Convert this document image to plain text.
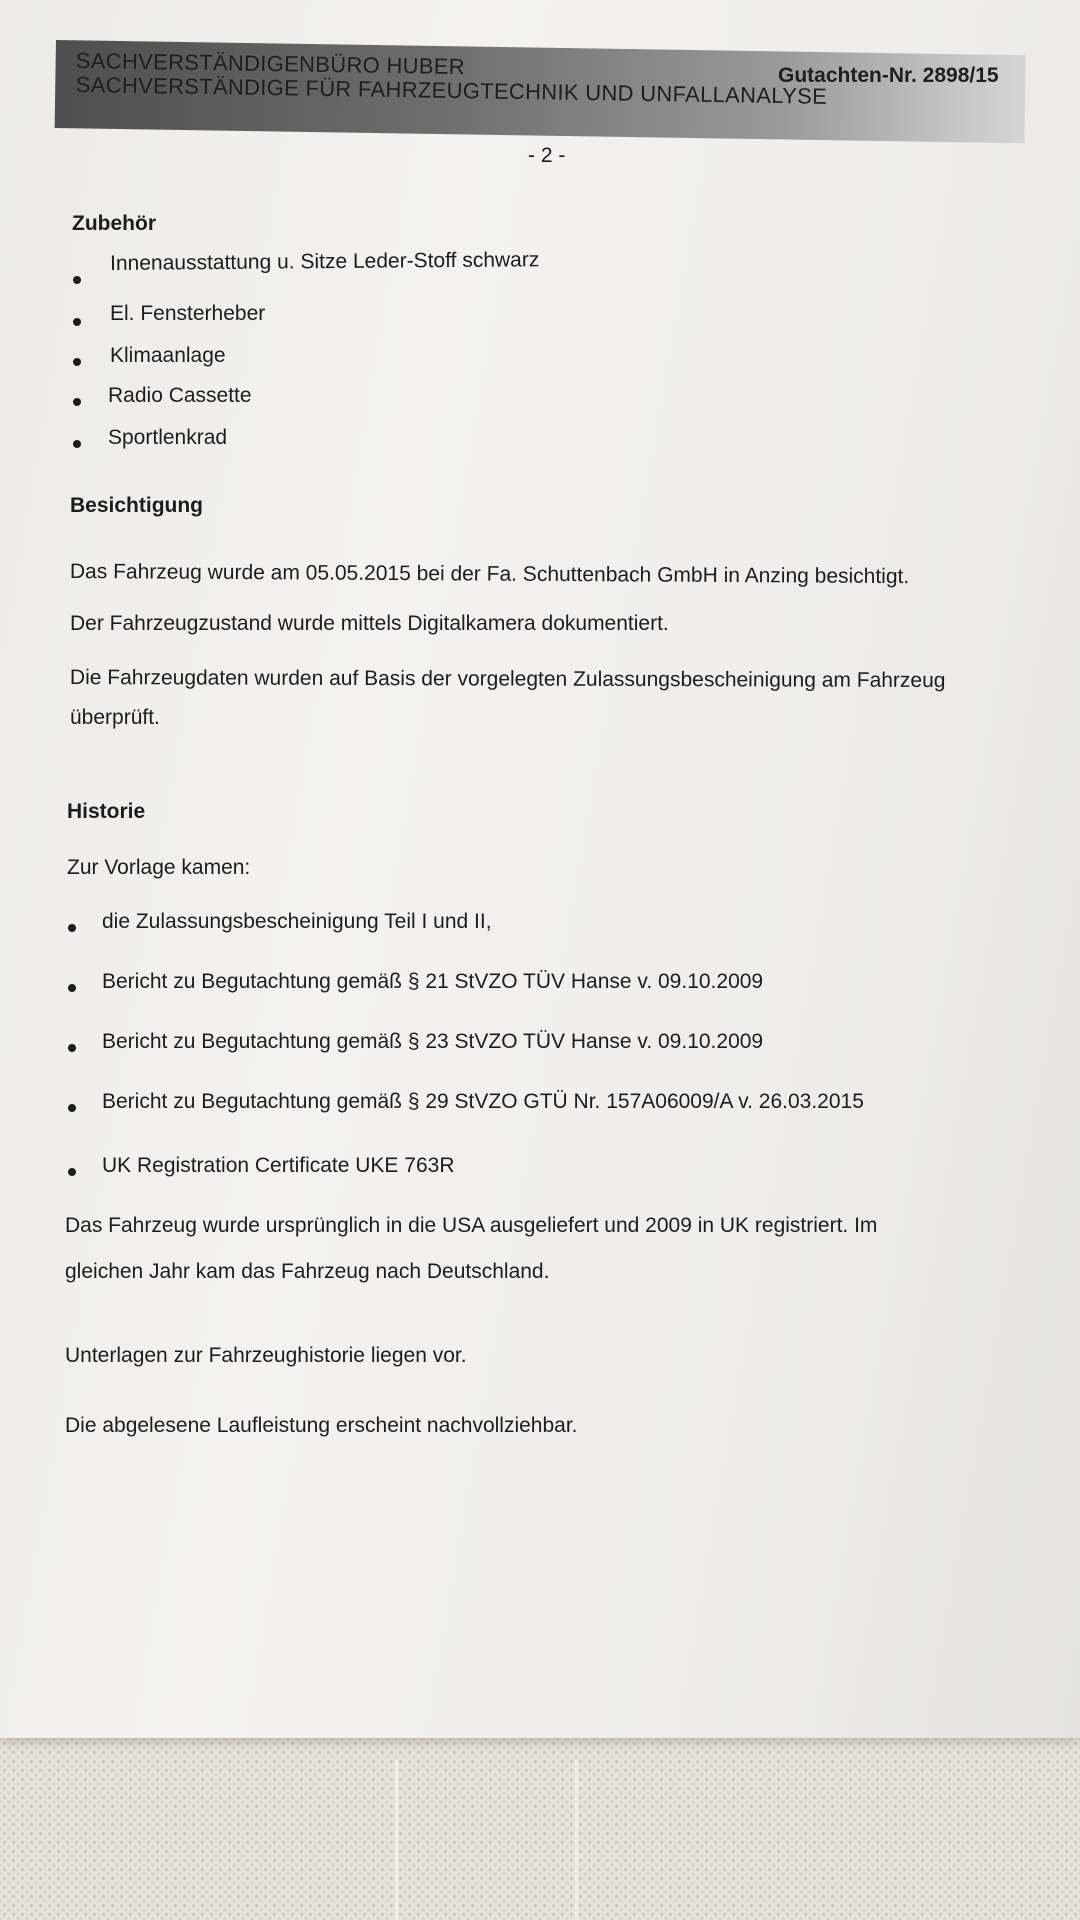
SACHVERSTÄNDIGENBÜRO HUBER
SACHVERSTÄNDIGE FÜR FAHRZEUGTECHNIK UND UNFALLANALYSE
Gutachten-Nr. 2898/15
- 2 -
Zubehör
Innenausstattung u. Sitze Leder-Stoff schwarz
El. Fensterheber
Klimaanlage
Radio Cassette
Sportlenkrad
Besichtigung
Das Fahrzeug wurde am 05.05.2015 bei der Fa. Schuttenbach GmbH in Anzing besichtigt.
Der Fahrzeugzustand wurde mittels Digitalkamera dokumentiert.
Die Fahrzeugdaten wurden auf Basis der vorgelegten Zulassungsbescheinigung am Fahrzeug
überprüft.
Historie
Zur Vorlage kamen:
die Zulassungsbescheinigung Teil I und II,
Bericht zu Begutachtung gemäß § 21 StVZO TÜV Hanse v. 09.10.2009
Bericht zu Begutachtung gemäß § 23 StVZO TÜV Hanse v. 09.10.2009
Bericht zu Begutachtung gemäß § 29 StVZO GTÜ Nr. 157A06009/A v. 26.03.2015
UK Registration Certificate UKE 763R
Das Fahrzeug wurde ursprünglich in die USA ausgeliefert und 2009 in UK registriert. Im
gleichen Jahr kam das Fahrzeug nach Deutschland.
Unterlagen zur Fahrzeughistorie liegen vor.
Die abgelesene Laufleistung erscheint nachvollziehbar.
